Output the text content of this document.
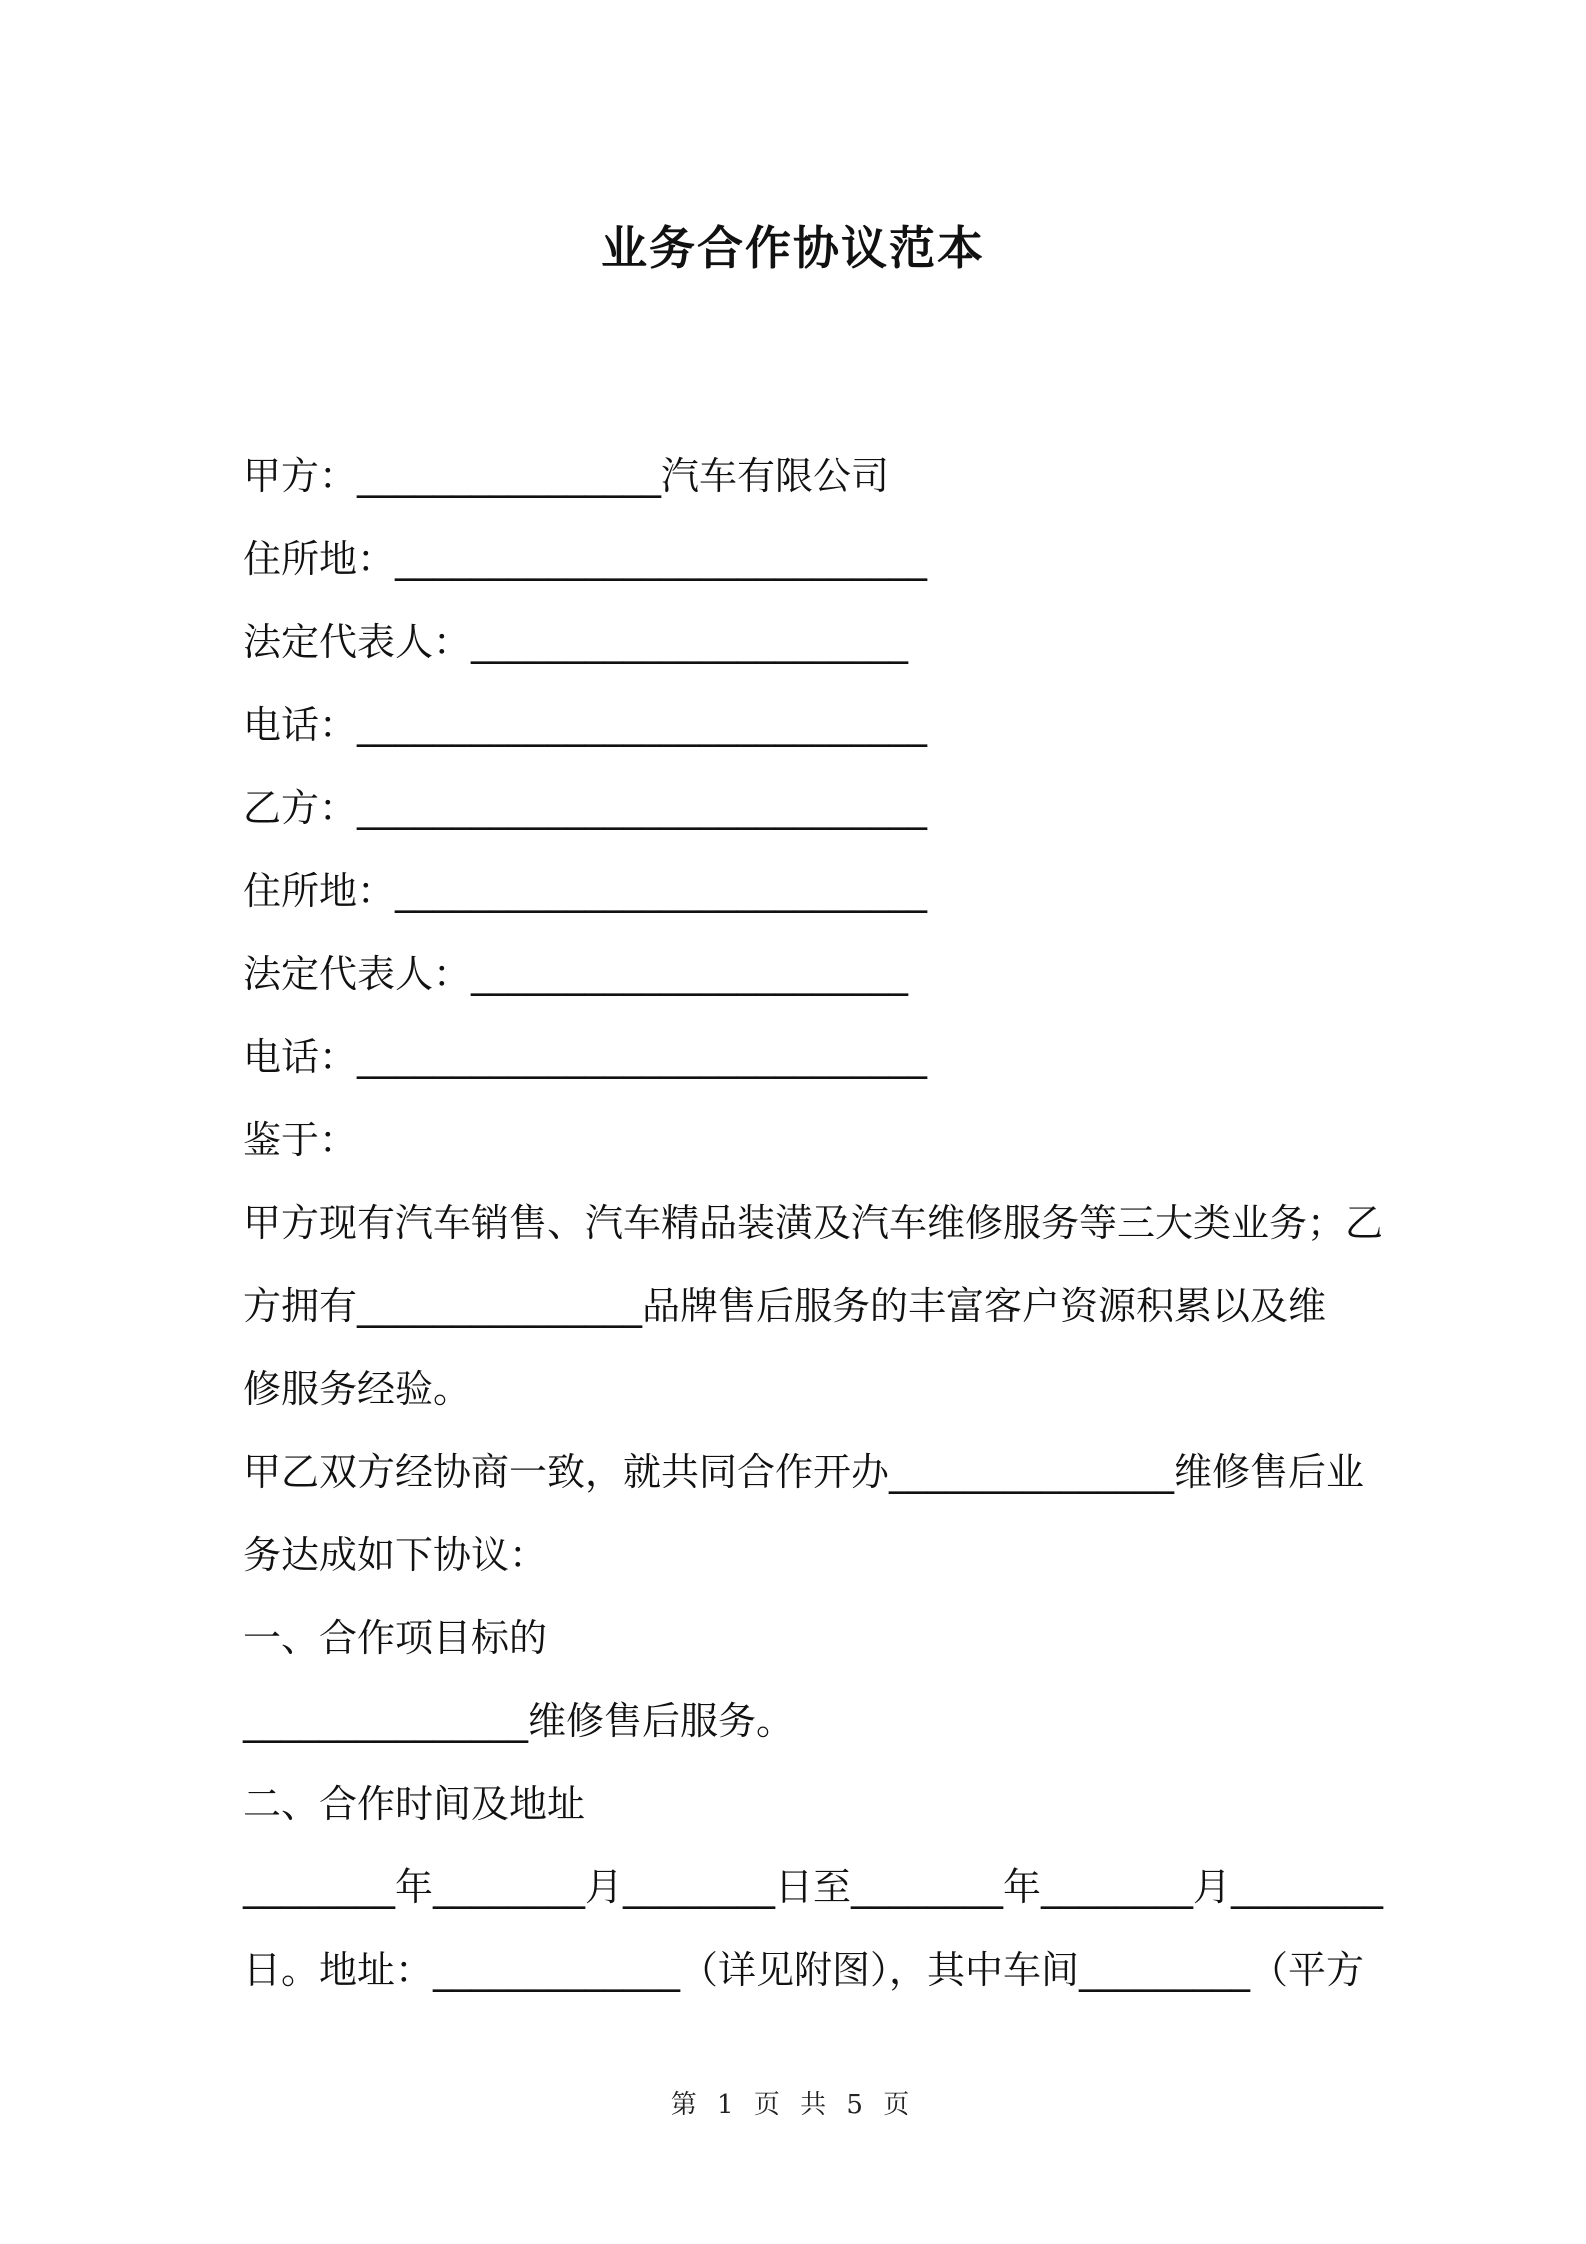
业务合作协议范本
甲方：________________汽车有限公司
住所地：____________________________
法定代表人：_______________________
电话：______________________________
乙方：______________________________
住所地：____________________________
法定代表人：_______________________
电话：______________________________
鉴于：
甲方现有汽车销售、汽车精品装潢及汽车维修服务等三大类业务；乙
方拥有_______________品牌售后服务的丰富客户资源积累以及维
修服务经验。
甲乙双方经协商一致，就共同合作开办_______________维修售后业
务达成如下协议：
一、合作项目标的
_______________维修售后服务。
二、合作时间及地址
________年________月________日至________年________月________
日。地址：_____________（详见附图），其中车间_________（平方
第 1 页 共 5 页
